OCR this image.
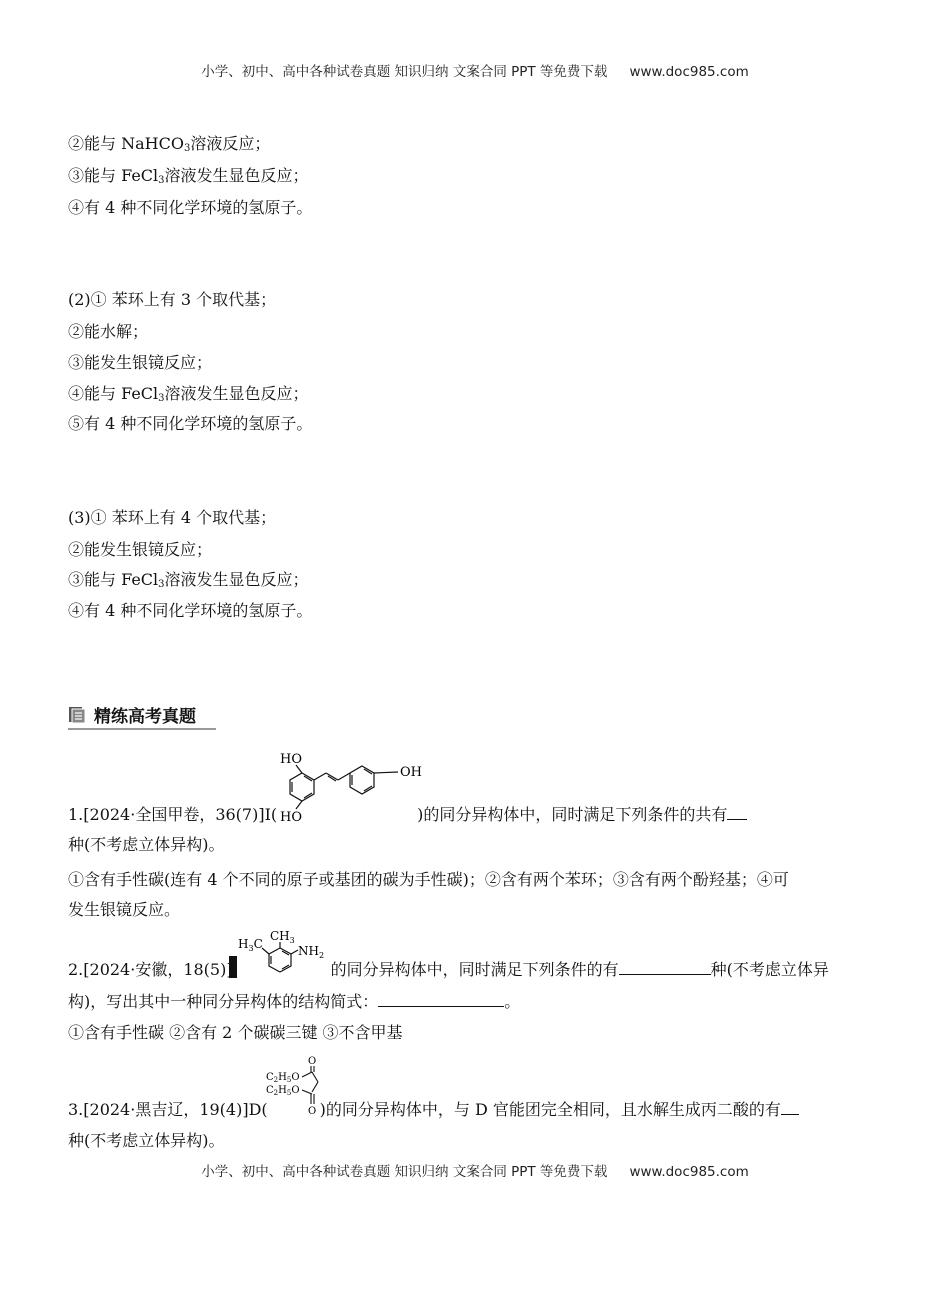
小学、初中、高中各种试卷真题 知识归纳 文案合同 PPT 等免费下载 www.doc985.com
②能与 NaHCO$_3$溶液反应；
③能与 FeCl$_3$溶液发生显色反应；
④有 4 种不同化学环境的氢原子。
(2)① 苯环上有 3 个取代基；
②能水解；
③能发生银镜反应；
④能与 FeCl$_3$溶液发生显色反应；
⑤有 4 种不同化学环境的氢原子。
(3)① 苯环上有 4 个取代基；
②能发生银镜反应；
③能与 FeCl$_3$溶液发生显色反应；
④有 4 种不同化学环境的氢原子。
精练高考真题
HO
HO
OH
1.[2024·全国甲卷，36(7)]I(	)的同分异构体中，同时满足下列条件的共有
种(不考虑立体异构)。
①含有手性碳(连有 4 个不同的原子或基团的碳为手性碳)；②含有两个苯环；③含有两个酚羟基；④可
发生银镜反应。
$H_3C$
$CH_3$
$NH_2$
2.[2024·安徽，18(5)]	的同分异构体中，同时满足下列条件的有	种(不考虑立体异
构)，写出其中一种同分异构体的结构简式：	。
①含有手性碳 ②含有 2 个碳碳三键 ③不含甲基
O
O
$C_2H_5O$
$C_2H_5O$
3.[2024·黑吉辽，19(4)]D(	)的同分异构体中，与 D 官能团完全相同，且水解生成丙二酸的有
种(不考虑立体异构)。
小学、初中、高中各种试卷真题 知识归纳 文案合同 PPT 等免费下载 www.doc985.com
